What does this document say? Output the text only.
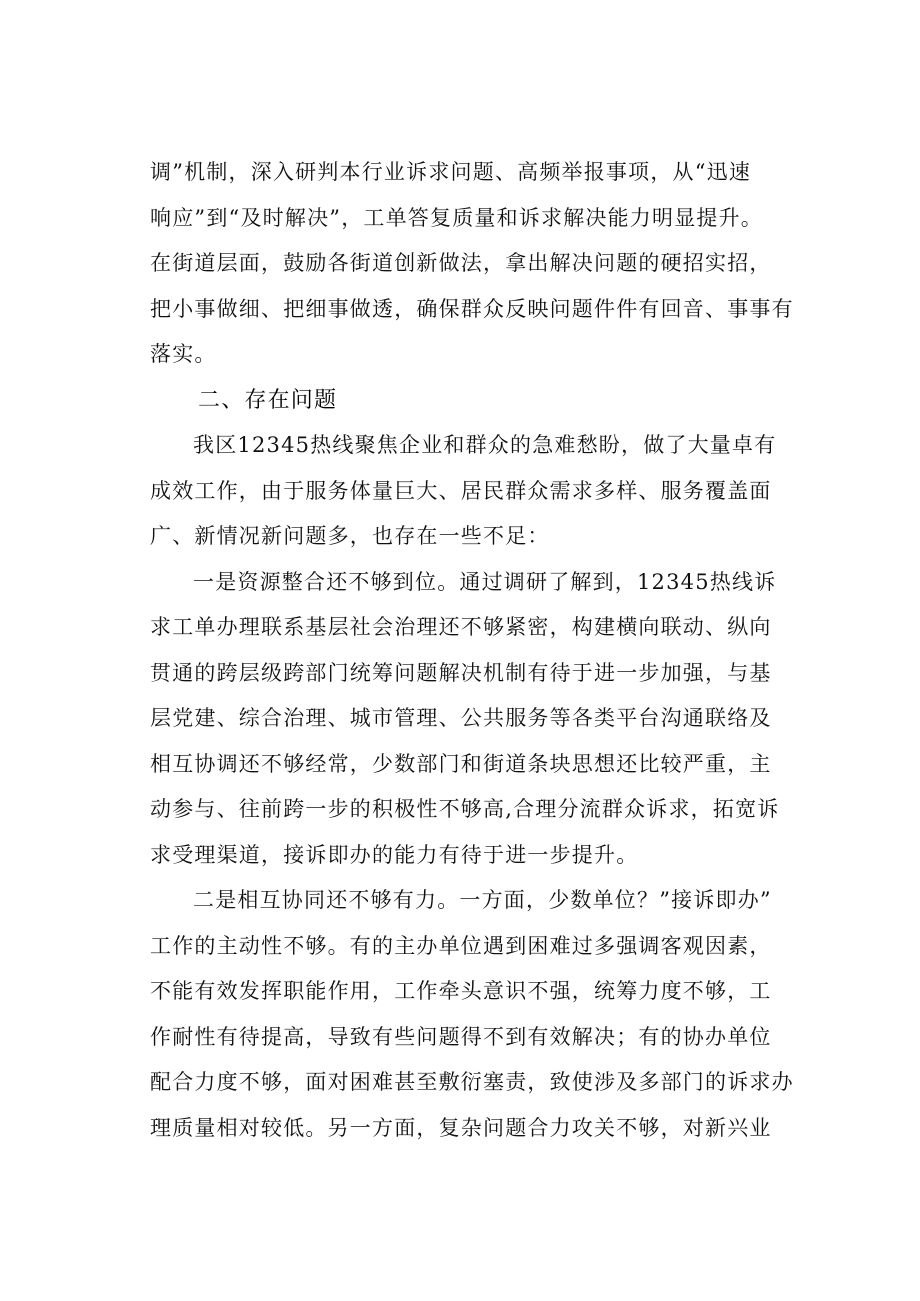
调”机制，深入研判本行业诉求问题、高频举报事项，从“迅速
响应”到“及时解决”，工单答复质量和诉求解决能力明显提升。
在街道层面，鼓励各街道创新做法，拿出解决问题的硬招实招，
把小事做细、把细事做透，确保群众反映问题件件有回音、事事有
落实。
二、存在问题
我区12345热线聚焦企业和群众的急难愁盼，做了大量卓有
成效工作，由于服务体量巨大、居民群众需求多样、服务覆盖面
广、新情况新问题多，也存在一些不足：
一是资源整合还不够到位。通过调研了解到，12345热线诉
求工单办理联系基层社会治理还不够紧密，构建横向联动、纵向
贯通的跨层级跨部门统筹问题解决机制有待于进一步加强，与基
层党建、综合治理、城市管理、公共服务等各类平台沟通联络及
相互协调还不够经常，少数部门和街道条块思想还比较严重，主
动参与、往前跨一步的积极性不够高,合理分流群众诉求，拓宽诉
求受理渠道，接诉即办的能力有待于进一步提升。
二是相互协同还不够有力。一方面，少数单位？”接诉即办”
工作的主动性不够。有的主办单位遇到困难过多强调客观因素，
不能有效发挥职能作用，工作牵头意识不强，统筹力度不够，工
作耐性有待提高，导致有些问题得不到有效解决；有的协办单位
配合力度不够，面对困难甚至敷衍塞责，致使涉及多部门的诉求办
理质量相对较低。另一方面，复杂问题合力攻关不够，对新兴业
